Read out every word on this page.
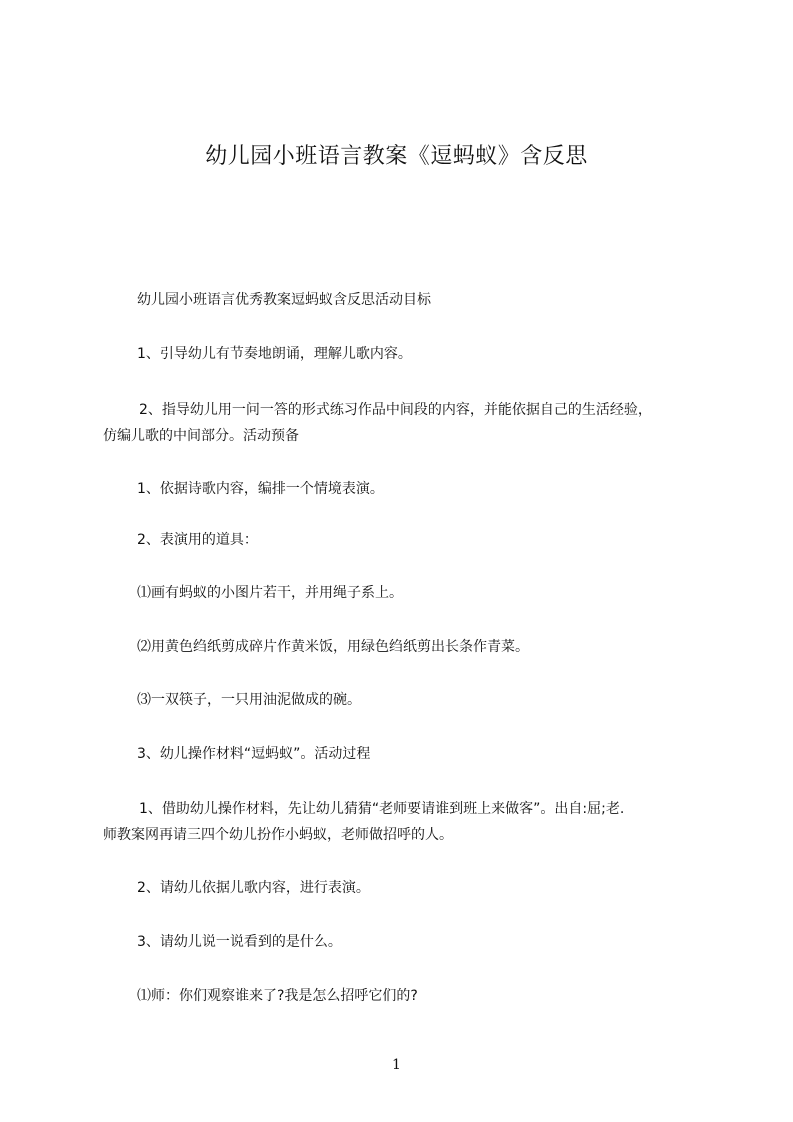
幼儿园小班语言教案《逗蚂蚁》含反思
幼儿园小班语言优秀教案逗蚂蚁含反思活动目标
1、引导幼儿有节奏地朗诵，理解儿歌内容。
2、指导幼儿用一问一答的形式练习作品中间段的内容，并能依据自己的生活经验，
仿编儿歌的中间部分。活动预备
1、依据诗歌内容，编排一个情境表演。
2、表演用的道具：
⑴画有蚂蚁的小图片若干，并用绳子系上。
⑵用黄色绉纸剪成碎片作黄米饭，用绿色绉纸剪出长条作青菜。
⑶一双筷子，一只用油泥做成的碗。
3、幼儿操作材料“逗蚂蚁”。活动过程
1、借助幼儿操作材料，先让幼儿猜猜“老师要请谁到班上来做客”。出自:屈;老.
师教案网再请三四个幼儿扮作小蚂蚁，老师做招呼的人。
2、请幼儿依据儿歌内容，进行表演。
3、请幼儿说一说看到的是什么。
⑴师：你们观察谁来了?我是怎么招呼它们的?
1
